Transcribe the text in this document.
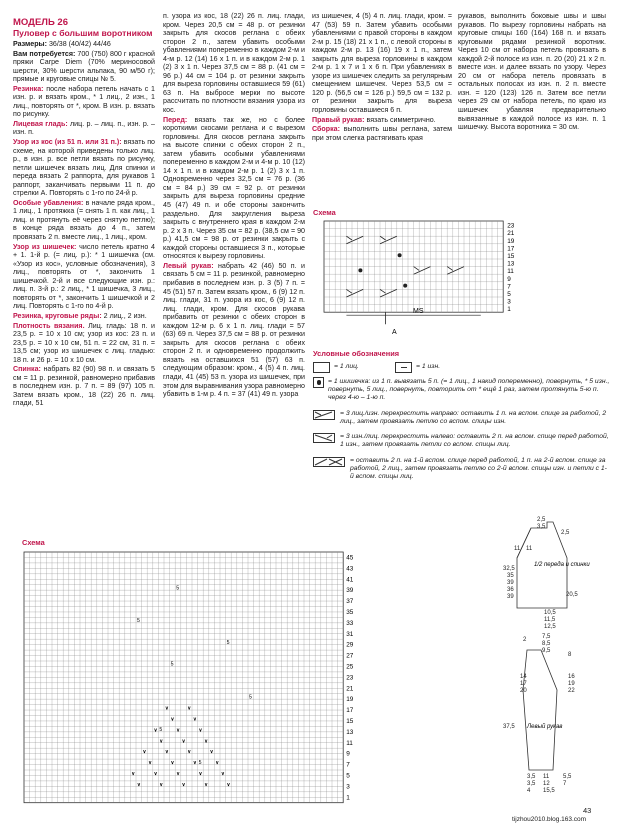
МОДЕЛЬ 26
Пуловер с большим воротником

Размеры: 36/38 (40/42) 44/46

Вам потребуется: 700 (750) 800 г красной пряжи Carpe Diem (70% мериносовой шерсти, 30% шерсти альпака, 90 м/50 г); прямые и круговые спицы № 5.

Резинка: после набора петель начать с 1 изн. р. и вязать кром., * 1 лиц., 2 изн., 1 лиц., повторять от *, кром. В изн. р. вязать по рисунку.

Лицевая гладь: лиц. р. – лиц. п., изн. р. – изн. п.

Узор из кос (из 51 п. или 31 п.): вязать по схеме, на которой приведены только лиц. р., в изн. р. все петли вязать по рисунку, петли шишечек вязать лиц. Для спинки и переда вязать 2 раппорта, для рукавов 1 раппорт, заканчивать первыми 11 п. до стрелки А. Повторять с 1-го по 24-й р.

Особые убавления: в начале ряда кром., 1 лиц., 1 протяжка (= снять 1 п. как лиц., 1 лиц. и протянуть её через снятую петлю); в конце ряда вязать до 4 п., затем провязать 2 п. вместе лиц., 1 лиц., кром.

Узор из шишечек: число петель кратно 4 + 1. 1-й р. (= лиц. р.): * 1 шишечка (см. «Узор из кос», условные обозначения), 3 лиц., повторять от *, закончить 1 шишечкой. 2-й и все следующие изн. р.: лиц. п. 3-й р.: 2 лиц., * 1 шишечка, 3 лиц., повторять от *, закончить 1 шишечкой и 2 лиц. Повторять с 1-го по 4-й р.

Резинка, круговые ряды: 2 лиц., 2 изн.

Плотность вязания. Лиц. гладь: 18 п. и 23,5 р. = 10 х 10 см; узор из кос: 23 п. и 23,5 р. = 10 х 10 см, 51 п. = 22 см, 31 п. = 13,5 см; узор из шишечек с лиц. гладью: 18 п. и 26 р. = 10 х 10 см.

Спинка: набрать 82 (90) 98 п. и связать 5 см = 11 р. резинкой, равномерно прибавив в последнем изн. р. 7 п. = 89 (97) 105 п. Затем вязать кром., 18 (22) 26 п. лиц. глади, 51

п. узора из кос, 18 (22) 26 п. лиц. глади, кром. Через 20,5 см = 48 р. от резинки закрыть для скосов реглана с обеих сторон 2 п., затем убавить особыми убавлениями попеременно в каждом 2-м и 4-м р. 12 (14) 16 х 1 п. и в каждом 2-м р. 1 (2) 3 х 1 п. Через 37,5 см = 88 р. (41 см = 96 р.) 44 см = 104 р. от резинки закрыть для выреза горловины оставшиеся 59 (61) 63 п. На выбросе мерки по высоте рассчитать по плотности вязания узора из кос.

Перед: вязать так же, но с более короткими скосами реглана и с вырезом горловины. Для скосов реглана закрыть на высоте спинки с обеих сторон 2 п., затем убавить особыми убавлениями попеременно в каждом 2-м и 4-м р. 10 (12) 14 х 1 п. и в каждом 2-м р. 1 (2) 3 х 1 п. Одновременно через 32,5 см = 76 р. (36 см = 84 р.) 39 см = 92 р. от резинки закрыть для выреза горловины средние 45 (47) 49 п. и обе стороны закончить раздельно. Для закругления выреза закрыть с внутреннего края в каждом 2-м р. 2 х 3 п. Через 35 см = 82 р. (38,5 см = 90 р.) 41,5 см = 98 р. от резинки закрыть с каждой стороны оставшиеся 3 п., которые относятся к вырезу горловины.

Левый рукав: набрать 42 (46) 50 п. и связать 5 см = 11 р. резинкой, равномерно прибавив в последнем изн. р. 3 (5) 7 п. = 45 (51) 57 п. Затем вязать кром., 6 (9) 12 п. лиц. глади, 31 п. узора из кос, 6 (9) 12 п. лиц. глади, кром. Для скосов рукава прибавить от резинки с обеих сторон в каждом 12-м р. 6 х 1 п. лиц. глади = 57 (63) 69 п. Через 37,5 см = 88 р. от резинки закрыть для скосов реглана с обеих сторон 2 п. и одновременно продолжить вязать на оставшихся 51 (57) 63 п. следующим образом: кром., 4 (5) 4 п. лиц. глади, 41 (45) 53 п. узора из шишечек, при этом для выравнивания узора равномерно убавить в 1-м р. 4 п. = 37 (41) 49 п. узора

из шишечек, 4 (5) 4 п. лиц. глади, кром. = 47 (53) 59 п. Затем убавить особыми убавлениями с правой стороны в каждом 2-м р. 15 (18) 21 х 1 п., с левой стороны в каждом 2-м р. 13 (16) 19 х 1 п., затем закрыть для выреза горловины в каждом 2-м р. 1 х 7 и 1 х 6 п. При убавлениях в узоре из шишечек следить за регулярным смещением шишечек. Через 53,5 см = 120 р. (56,5 см = 126 р.) 59,5 см = 132 р. от резинки закрыть для выреза горловины оставшиеся 6 п.

Правый рукав: вязать симметрично.

Сборка: выполнить швы реглана, затем при этом слегка растягивать края

рукавов, выполнить боковые швы и швы рукавов. По вырезу горловины набрать на круговые спицы 160 (164) 168 п. и вязать круговыми рядами резинкой воротник. Через 10 см от набора петель провязать в каждой 2-й полосе из изн. п. 20 (20) 21 х 2 п. вместе изн. и далее вязать по узору. Через 20 см от набора петель провязать в остальных полосах из изн. п. 2 п. вместе изн. = 120 (123) 126 п. Затем все петли через 29 см от набора петель, по краю из шишечек убавляя предварительно вывязанные в каждой полосе из изн. п. 1 шишечку. Высота воротника = 30 см.

Схема
23
21
19
17
15
13
11
9
7
5
3
1
A
MS
Условные обозначения
= 1 лиц.	= 1 изн.
= 1 шишечка: из 1 п. вывязать 5 п. (= 1 лиц., 1 накид попеременно), повернуть, * 5 изн., повернуть, 5 лиц., повернуть, повторить от * ещё 1 раз, затем протянуть 5-ю п. через 4-ю – 1-ю п.
= 3 лиц./изн. перекрестить направо: оставить 1 п. на вспом. спице за работой, 2 лиц., затем провязать петлю со вспом. спицы изн.
= 3 изн./лиц. перекрестить налево: оставить 2 п. на вспом. спице перед работой, 1 изн., затем провязать петли со вспом. спицы лиц.
= оставить 2 п. на 1-й вспом. спице перед работой, 1 п. на 2-й вспом. спице за работой, 2 лиц., затем провязать петлю со 2-й вспом. спицы изн. и петли с 1-й вспом. спицы лиц.
Схема
∨	∨	∨	∨	∨
∨	∨	∨	∨	∨
∨	∨	∨	∨
∨	∨	∨	∨
∨	∨	∨
∨	∨	∨
∨	∨
∨	∨
5
5
5
5
5
5
5
45
43
41
39
37
35
33
31
29
27
25
23
21
19
17
15
13
11
9
7
5
3
1
1/2 переда и спинки
Левый рукав
2,5
3,5
11 11
2,5
35
39
32,5
36
39	20,5
10,5
11,5
12,5
2	7,5
8,5
9,5
8
14
17
20
16
19
22
37,5
3,5
3,5
4
11
12
15,5
5,5
7
43
tijzhou2010.blog.163.com
